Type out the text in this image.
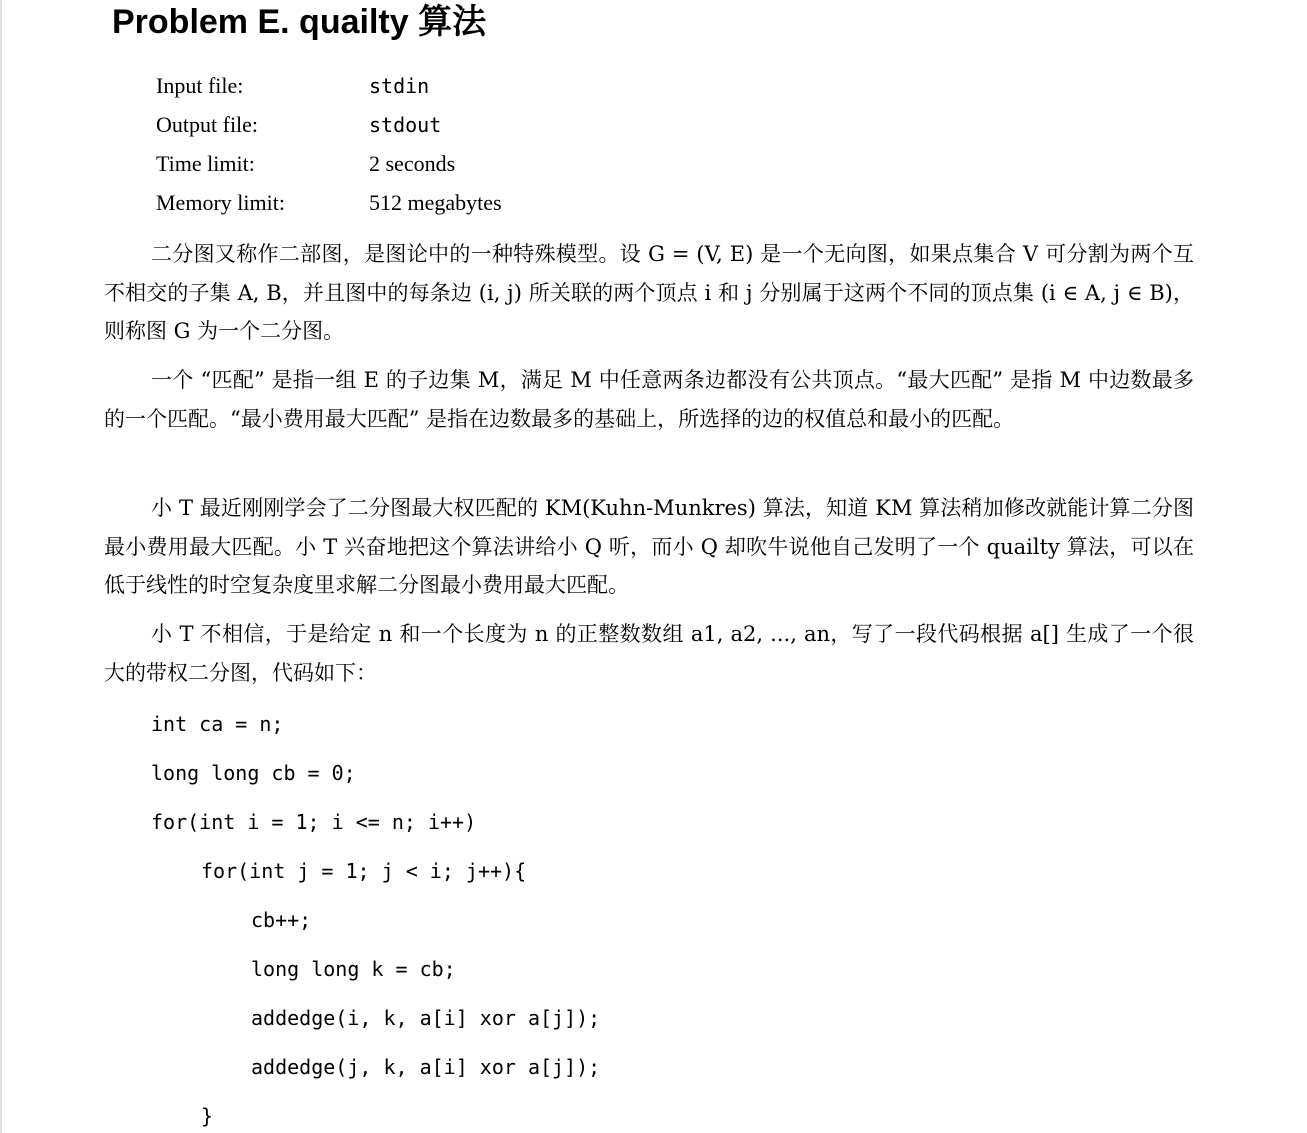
Problem E. quailty 算法
Input file:	stdin
Output file:	stdout
Time limit:	2 seconds
Memory limit:	512 megabytes

二分图又称作二部图，是图论中的一种特殊模型。设 G = (V, E) 是一个无向图，如果点集合 V 可分割为两个互不相交的子集 A, B，并且图中的每条边 (i, j) 所关联的两个顶点 i 和 j 分别属于这两个不同的顶点集 (i ∈ A, j ∈ B)，则称图 G 为一个二分图。

一个 “匹配” 是指一组 E 的子边集 M，满足 M 中任意两条边都没有公共顶点。“最大匹配” 是指 M 中边数最多的一个匹配。“最小费用最大匹配” 是指在边数最多的基础上，所选择的边的权值总和最小的匹配。

小 T 最近刚刚学会了二分图最大权匹配的 KM(Kuhn-Munkres) 算法，知道 KM 算法稍加修改就能计算二分图最小费用最大匹配。小 T 兴奋地把这个算法讲给小 Q 听，而小 Q 却吹牛说他自己发明了一个 quailty 算法，可以在低于线性的时空复杂度里求解二分图最小费用最大匹配。

小 T 不相信，于是给定 n 和一个长度为 n 的正整数数组 a1, a2, ..., an，写了一段代码根据 a[] 生成了一个很大的带权二分图，代码如下：

int ca = n;
long long cb = 0;
for(int i = 1; i <= n; i++)
for(int j = 1; j < i; j++){
cb++;
long long k = cb;
addedge(i, k, a[i] xor a[j]);
addedge(j, k, a[i] xor a[j]);
}
